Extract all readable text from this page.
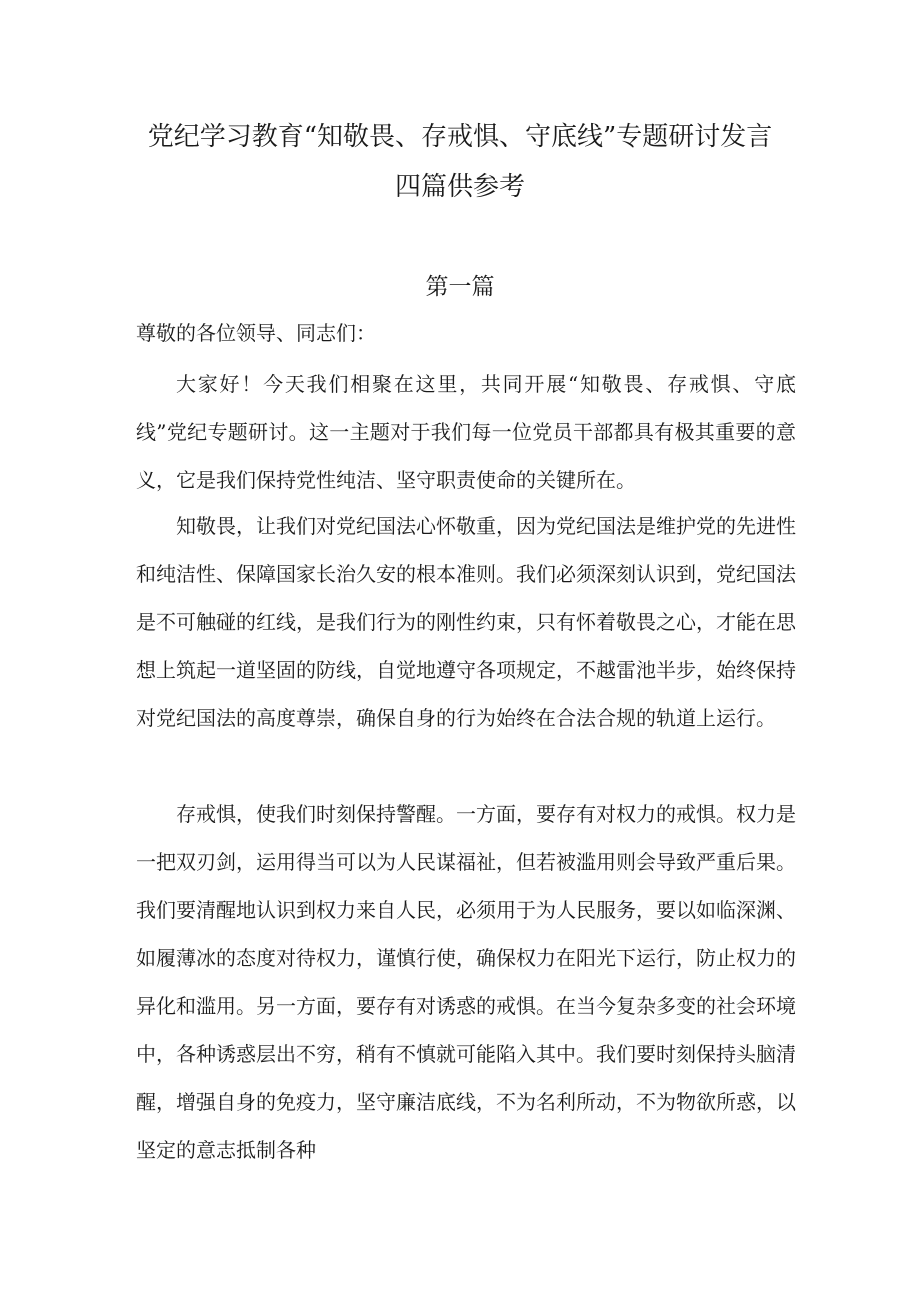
党纪学习教育“知敬畏、存戒惧、守底线”专题研讨发言
四篇供参考
第一篇
尊敬的各位领导、同志们：

大家好！今天我们相聚在这里，共同开展“知敬畏、存戒惧、守底线”党纪专题研讨。这一主题对于我们每一位党员干部都具有极其重要的意义，它是我们保持党性纯洁、坚守职责使命的关键所在。

知敬畏，让我们对党纪国法心怀敬重，因为党纪国法是维护党的先进性和纯洁性、保障国家长治久安的根本准则。我们必须深刻认识到，党纪国法是不可触碰的红线，是我们行为的刚性约束，只有怀着敬畏之心，才能在思想上筑起一道坚固的防线，自觉地遵守各项规定，不越雷池半步，始终保持对党纪国法的高度尊崇，确保自身的行为始终在合法合规的轨道上运行。

存戒惧，使我们时刻保持警醒。一方面，要存有对权力的戒惧。权力是一把双刃剑，运用得当可以为人民谋福祉，但若被滥用则会导致严重后果。我们要清醒地认识到权力来自人民，必须用于为人民服务，要以如临深渊、如履薄冰的态度对待权力，谨慎行使，确保权力在阳光下运行，防止权力的异化和滥用。另一方面，要存有对诱惑的戒惧。在当今复杂多变的社会环境中，各种诱惑层出不穷，稍有不慎就可能陷入其中。我们要时刻保持头脑清醒，增强自身的免疫力，坚守廉洁底线，不为名利所动，不为物欲所惑，以坚定的意志抵制各种
